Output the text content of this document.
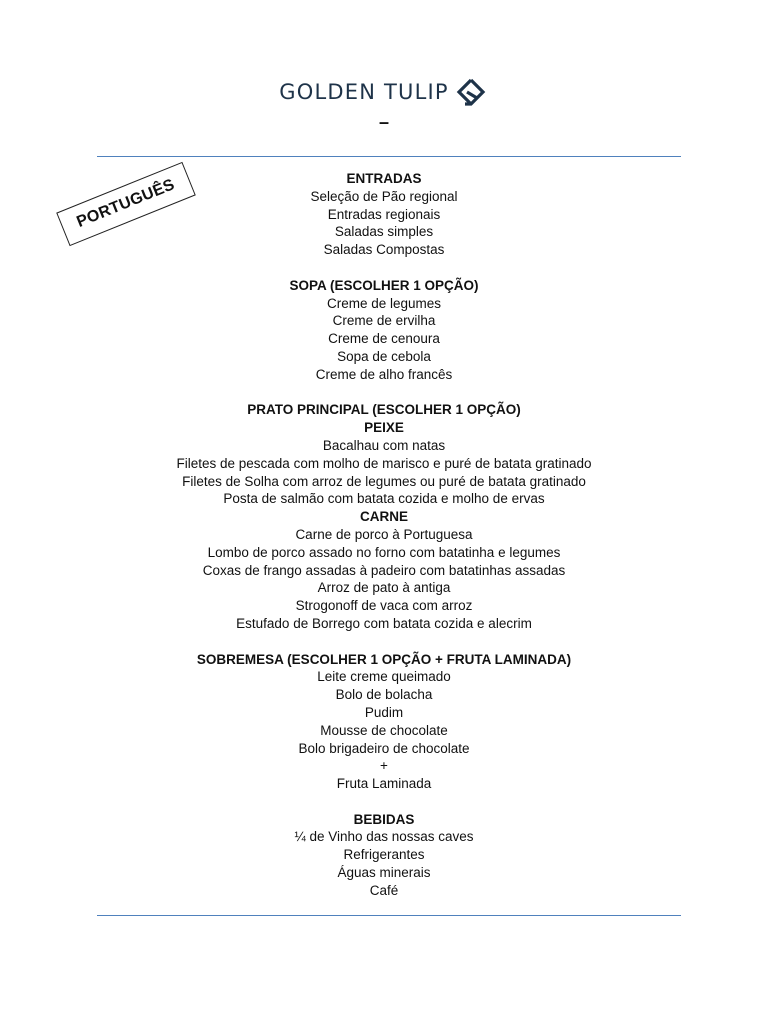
GOLDEN TULIP
–
PORTUGUÊS	ENTRADAS
Seleção de Pão regional
Entradas regionais
Saladas simples
Saladas Compostas
SOPA (ESCOLHER 1 OPÇÃO)
Creme de legumes
Creme de ervilha
Creme de cenoura
Sopa de cebola
Creme de alho francês
PRATO PRINCIPAL (ESCOLHER 1 OPÇÃO)
PEIXE
Bacalhau com natas
Filetes de pescada com molho de marisco e puré de batata gratinado
Filetes de Solha com arroz de legumes ou puré de batata gratinado
Posta de salmão com batata cozida e molho de ervas
CARNE
Carne de porco à Portuguesa
Lombo de porco assado no forno com batatinha e legumes
Coxas de frango assadas à padeiro com batatinhas assadas
Arroz de pato à antiga
Strogonoff de vaca com arroz
Estufado de Borrego com batata cozida e alecrim
SOBREMESA (ESCOLHER 1 OPÇÃO + FRUTA LAMINADA)
Leite creme queimado
Bolo de bolacha
Pudim
Mousse de chocolate
Bolo brigadeiro de chocolate
+
Fruta Laminada
BEBIDAS
¼ de Vinho das nossas caves
Refrigerantes
Águas minerais
Café
